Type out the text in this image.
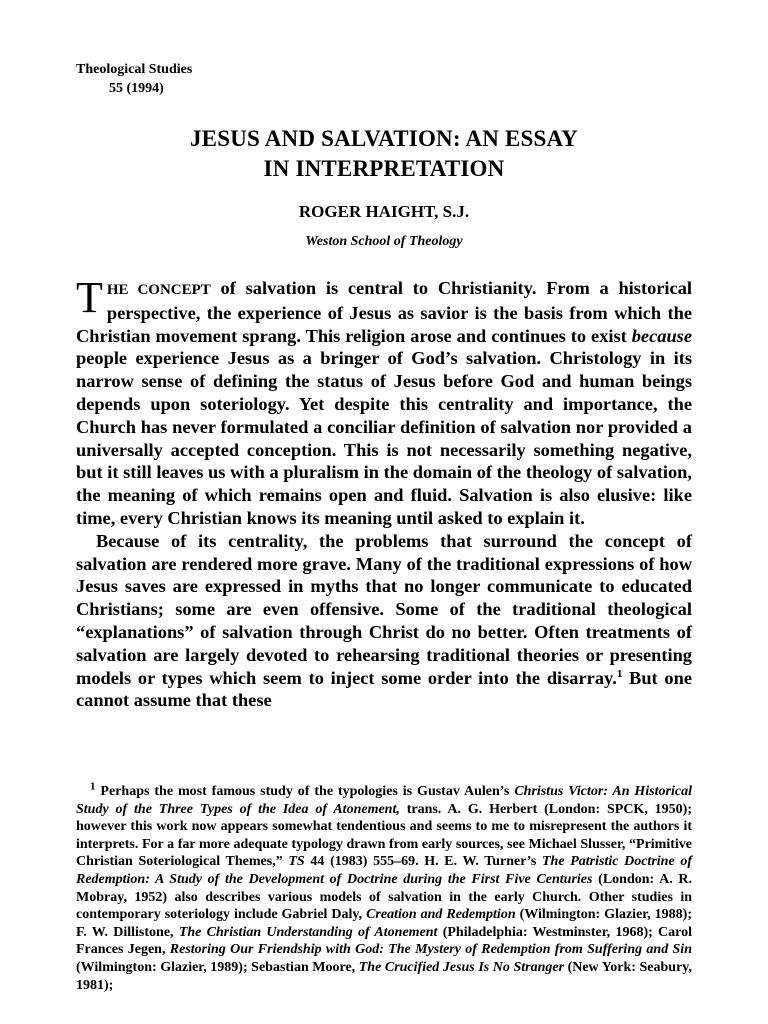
Theological Studies
55 (1994)
JESUS AND SALVATION: AN ESSAY
IN INTERPRETATION
ROGER HAIGHT, S.J.
Weston School of Theology

THE CONCEPT of salvation is central to Christianity. From a historical perspective, the experience of Jesus as savior is the basis from which the Christian movement sprang. This religion arose and continues to exist because people experience Jesus as a bringer of God’s salvation. Christology in its narrow sense of defining the status of Jesus before God and human beings depends upon soteriology. Yet despite this centrality and importance, the Church has never formulated a conciliar definition of salvation nor provided a universally accepted conception. This is not necessarily something negative, but it still leaves us with a pluralism in the domain of the theology of salvation, the meaning of which remains open and fluid. Salvation is also elusive: like time, every Christian knows its meaning until asked to explain it.

Because of its centrality, the problems that surround the concept of salvation are rendered more grave. Many of the traditional expressions of how Jesus saves are expressed in myths that no longer communicate to educated Christians; some are even offensive. Some of the traditional theological “explanations” of salvation through Christ do no better. Often treatments of salvation are largely devoted to rehearsing traditional theories or presenting models or types which seem to inject some order into the disarray.$^1$ But one cannot assume that these

$^1$ Perhaps the most famous study of the typologies is Gustav Aulen’s Christus Victor: An Historical Study of the Three Types of the Idea of Atonement, trans. A. G. Herbert (London: SPCK, 1950); however this work now appears somewhat tendentious and seems to me to misrepresent the authors it interprets. For a far more adequate typology drawn from early sources, see Michael Slusser, “Primitive Christian Soteriological Themes,” TS 44 (1983) 555–69. H. E. W. Turner’s The Patristic Doctrine of Redemption: A Study of the Development of Doctrine during the First Five Centuries (London: A. R. Mobray, 1952) also describes various models of salvation in the early Church. Other studies in contemporary soteriology include Gabriel Daly, Creation and Redemption (Wilmington: Glazier, 1988); F. W. Dillistone, The Christian Understanding of Atonement (Philadelphia: Westminster, 1968); Carol Frances Jegen, Restoring Our Friendship with God: The Mystery of Redemption from Suffering and Sin (Wilmington: Glazier, 1989); Sebastian Moore, The Crucified Jesus Is No Stranger (New York: Seabury, 1981);
